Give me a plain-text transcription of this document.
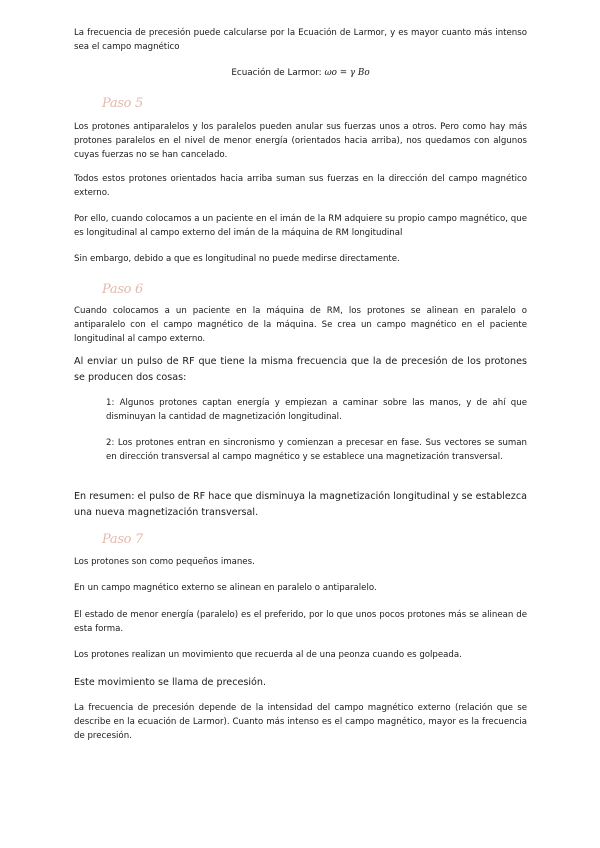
La frecuencia de precesión puede calcularse por la Ecuación de Larmor, y es mayor cuanto más intenso sea el campo magnético

Ecuación de Larmor: ωo = γ Bo

Paso 5

Los protones antiparalelos y los paralelos pueden anular sus fuerzas unos a otros. Pero como hay más protones paralelos en el nivel de menor energía (orientados hacia arriba), nos quedamos con algunos cuyas fuerzas no se han cancelado.

Todos estos protones orientados hacia arriba suman sus fuerzas en la dirección del campo magnético externo.

Por ello, cuando colocamos a un paciente en el imán de la RM adquiere su propio campo magnético, que es longitudinal al campo externo del imán de la máquina de RM longitudinal

Sin embargo, debido a que es longitudinal no puede medirse directamente.

Paso 6

Cuando colocamos a un paciente en la máquina de RM, los protones se alinean en paralelo o antiparalelo con el campo magnético de la máquina. Se crea un campo magnético en el paciente longitudinal al campo externo.

Al enviar un pulso de RF que tiene la misma frecuencia que la de precesión de los protones se producen dos cosas:

1: Algunos protones captan energía y empiezan a caminar sobre las manos, y de ahí que disminuyan la cantidad de magnetización longitudinal.

2: Los protones entran en sincronismo y comienzan a precesar en fase. Sus vectores se suman en dirección transversal al campo magnético y se establece una magnetización transversal.

En resumen: el pulso de RF hace que disminuya la magnetización longitudinal y se establezca una nueva magnetización transversal.

Paso 7

Los protones son como pequeños imanes.

En un campo magnético externo se alinean en paralelo o antiparalelo.

El estado de menor energía (paralelo) es el preferido, por lo que unos pocos protones más se alinean de esta forma.

Los protones realizan un movimiento que recuerda al de una peonza cuando es golpeada.

Este movimiento se llama de precesión.

La frecuencia de precesión depende de la intensidad del campo magnético externo (relación que se describe en la ecuación de Larmor). Cuanto más intenso es el campo magnético, mayor es la frecuencia de precesión.
